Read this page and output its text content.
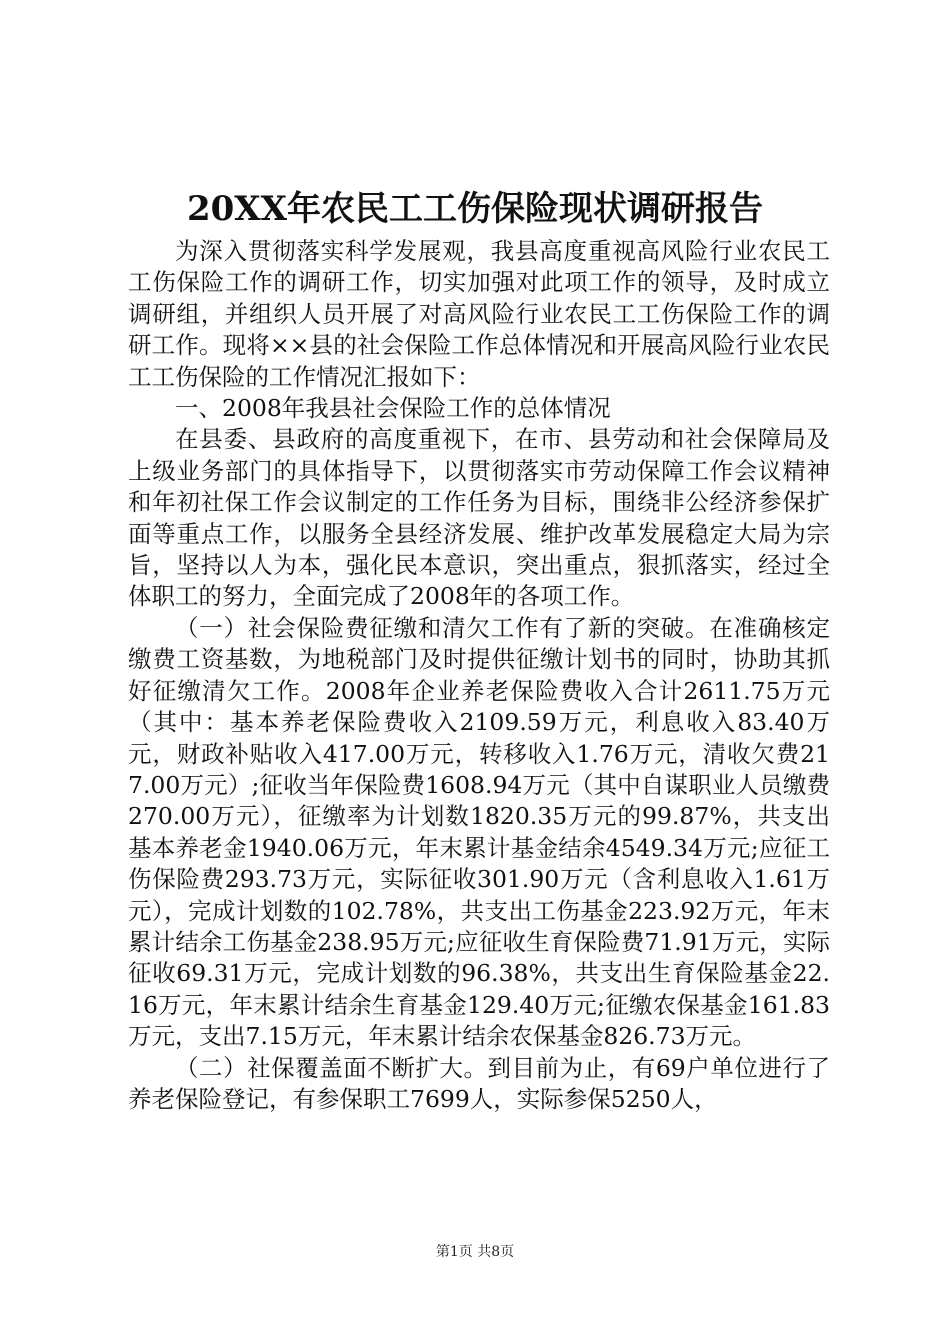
20XX年农民工工伤保险现状调研报告

为深入贯彻落实科学发展观，我县高度重视高风险行业农民工工伤保险工作的调研工作，切实加强对此项工作的领导，及时成立调研组，并组织人员开展了对高风险行业农民工工伤保险工作的调研工作。现将××县的社会保险工作总体情况和开展高风险行业农民工工伤保险的工作情况汇报如下：

一、2008年我县社会保险工作的总体情况

在县委、县政府的高度重视下，在市、县劳动和社会保障局及上级业务部门的具体指导下，以贯彻落实市劳动保障工作会议精神和年初社保工作会议制定的工作任务为目标，围绕非公经济参保扩面等重点工作，以服务全县经济发展、维护改革发展稳定大局为宗旨，坚持以人为本，强化民本意识，突出重点，狠抓落实，经过全体职工的努力，全面完成了2008年的各项工作。

（一）社会保险费征缴和清欠工作有了新的突破。在准确核定缴费工资基数，为地税部门及时提供征缴计划书的同时，协助其抓好征缴清欠工作。2008年企业养老保险费收入合计2611.75万元（其中：基本养老保险费收入2109.59万元，利息收入83.40万元，财政补贴收入417.00万元，转移收入1.76万元，清收欠费217.00万元）;征收当年保险费1608.94万元（其中自谋职业人员缴费270.00万元），征缴率为计划数1820.35万元的99.87%，共支出基本养老金1940.06万元，年末累计基金结余4549.34万元;应征工伤保险费293.73万元，实际征收301.90万元（含利息收入1.61万元），完成计划数的102.78%，共支出工伤基金223.92万元，年末累计结余工伤基金238.95万元;应征收生育保险费71.91万元，实际征收69.31万元，完成计划数的96.38%，共支出生育保险基金22.16万元，年末累计结余生育基金129.40万元;征缴农保基金161.83万元，支出7.15万元，年末累计结余农保基金826.73万元。

（二）社保覆盖面不断扩大。到目前为止，有69户单位进行了养老保险登记，有参保职工7699人，实际参保5250人，

第1页 共8页
